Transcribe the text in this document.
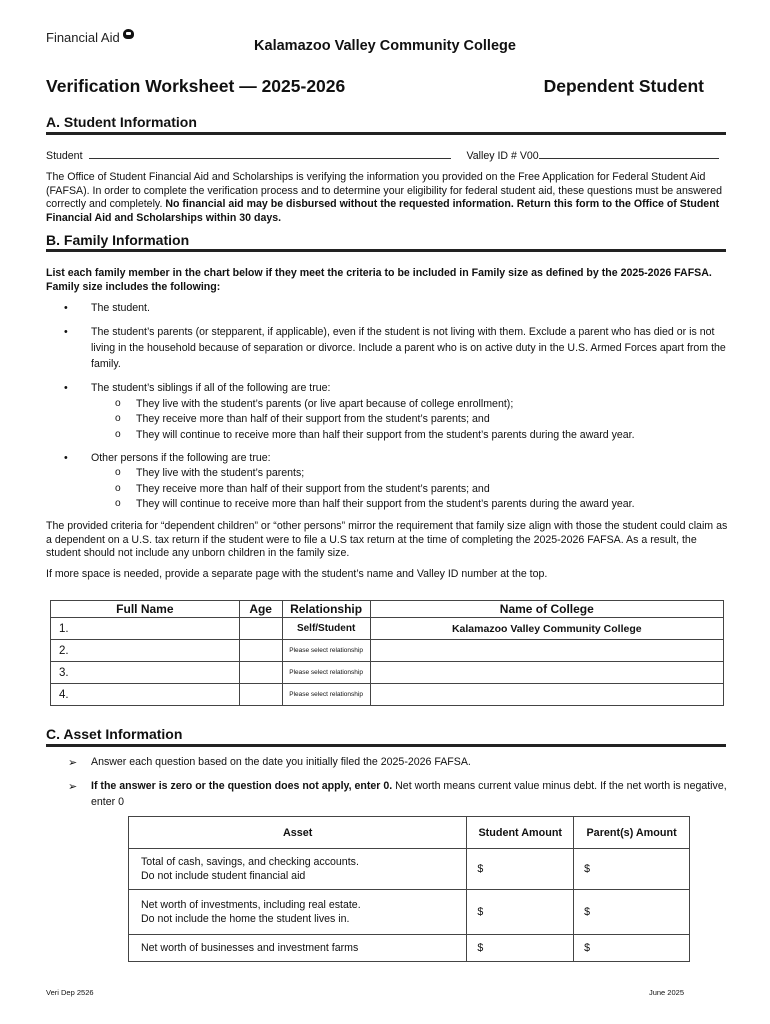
Financial Aid
Kalamazoo Valley Community College
Verification Worksheet — 2025-2026	Dependent Student
A. Student Information
Student	Valley ID # V00
The Office of Student Financial Aid and Scholarships is verifying the information you provided on the Free Application for Federal Student Aid (FAFSA). In order to complete the verification process and to determine your eligibility for federal student aid, these questions must be answered correctly and completely. No financial aid may be disbursed without the requested information. Return this form to the Office of Student Financial Aid and Scholarships within 30 days.
B. Family Information
List each family member in the chart below if they meet the criteria to be included in Family size as defined by the 2025-2026 FAFSA. Family size includes the following:
• The student.
• The student’s parents (or stepparent, if applicable), even if the student is not living with them. Exclude a parent who has died or is not living in the household because of separation or divorce. Include a parent who is on active duty in the U.S. Armed Forces apart from the family.
• The student’s siblings if all of the following are true:
o They live with the student’s parents (or live apart because of college enrollment);
o They receive more than half of their support from the student’s parents; and
o They will continue to receive more than half their support from the student’s parents during the award year.
• Other persons if the following are true:
o They live with the student’s parents;
o They receive more than half of their support from the student’s parents; and
o They will continue to receive more than half their support from the student’s parents during the award year.
The provided criteria for “dependent children” or “other persons” mirror the requirement that family size align with those the student could claim as a dependent on a U.S. tax return if the student were to file a U.S tax return at the time of completing the 2025-2026 FAFSA. As a result, the student should not include any unborn children in the family size.
If more space is needed, provide a separate page with the student’s name and Valley ID number at the top.
Full Name	Age	Relationship	Name of College
1.		Self/Student	Kalamazoo Valley Community College
2.		Please select relationship	
3.		Please select relationship	
4.		Please select relationship	
C. Asset Information
➢ Answer each question based on the date you initially filed the 2025-2026 FAFSA.
➢ If the answer is zero or the question does not apply, enter 0. Net worth means current value minus debt. If the net worth is negative, enter 0
Asset	Student Amount	Parent(s) Amount

Total of cash, savings, and checking accounts.
Do not include student financial aid	$	$

Net worth of investments, including real estate.
Do not include the home the student lives in.	$	$

Net worth of businesses and investment farms	$	$
Veri Dep 2526	June 2025
